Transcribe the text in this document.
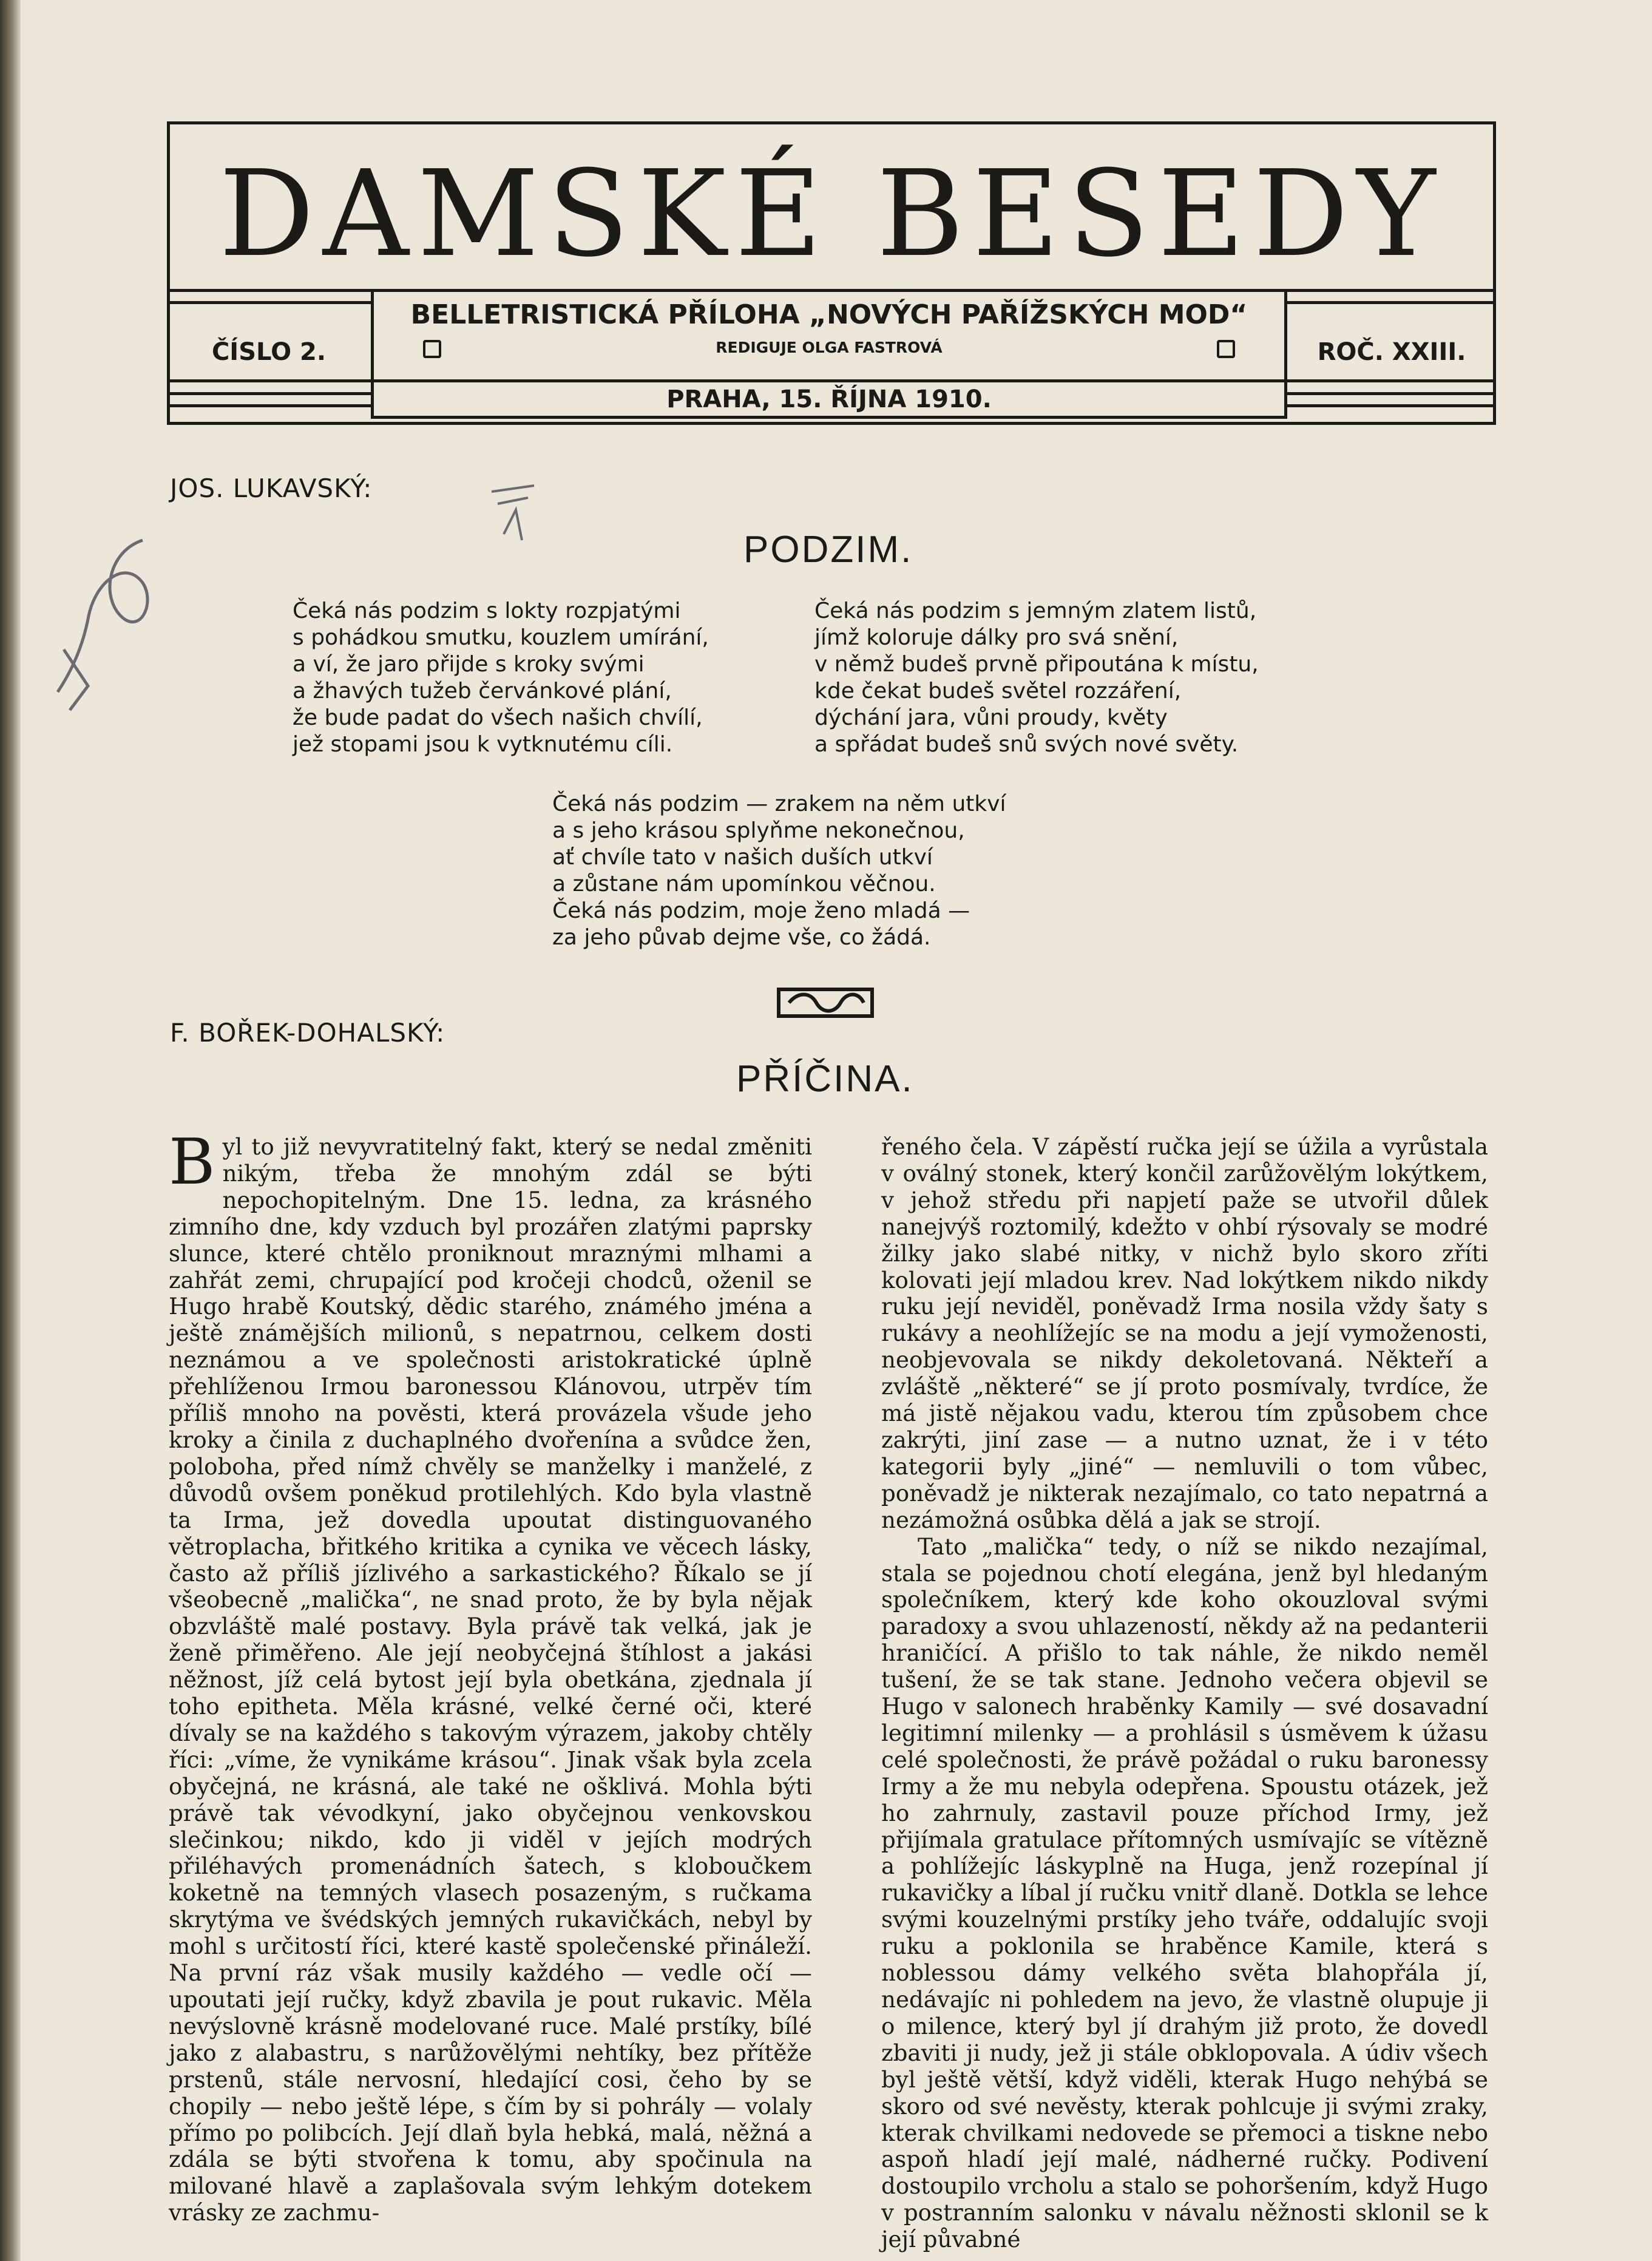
DAMSKÉ BESEDY
BELLETRISTICKÁ PŘÍLOHA „NOVÝCH PAŘÍŽSKÝCH MOD“
REDIGUJE OLGA FASTROVÁ
PRAHA, 15. ŘÍJNA 1910.
ČÍSLO 2.	ROČ. XXIII.
JOS. LUKAVSKÝ:
PODZIM.
Čeká nás podzim s lokty rozpjatými
s pohádkou smutku, kouzlem umírání,
a ví, že jaro přijde s kroky svými
a žhavých tužeb červánkové plání,
že bude padat do všech našich chvílí,
jež stopami jsou k vytknutému cíli.
Čeká nás podzim s jemným zlatem listů,
jímž koloruje dálky pro svá snění,
v němž budeš prvně připoutána k místu,
kde čekat budeš světel rozzáření,
dýchání jara, vůni proudy, květy
a spřádat budeš snů svých nové světy.
Čeká nás podzim — zrakem na něm utkví
a s jeho krásou splyňme nekonečnou,
ať chvíle tato v našich duších utkví
a zůstane nám upomínkou věčnou.
Čeká nás podzim, moje ženo mladá —
za jeho půvab dejme vše, co žádá.
F. BOŘEK-DOHALSKÝ:
PŘÍČINA.

Byl to již nevyvratitelný fakt, který se nedal změniti nikým, třeba že mnohým zdál se býti nepochopitelným. Dne 15. ledna, za krásného zimního dne, kdy vzduch byl prozářen zlatými paprsky slunce, které chtělo proniknout mraznými mlhami a zahřát zemi, chrupající pod kročeji chodců, oženil se Hugo hrabě Koutský, dědic starého, známého jména a ještě známějších milionů, s nepatrnou, celkem dosti neznámou a ve společnosti aristokratické úplně přehlíženou Irmou baronessou Klánovou, utrpěv tím příliš mnoho na pověsti, která provázela všude jeho kroky a činila z duchaplného dvořenína a svůdce žen, poloboha, před nímž chvěly se manželky i manželé, z důvodů ovšem poněkud protilehlých. Kdo byla vlastně ta Irma, jež dovedla upoutat distinguovaného větroplacha, břitkého kritika a cynika ve věcech lásky, často až příliš jízlivého a sarkastického? Říkalo se jí všeobecně „malička“, ne snad proto, že by byla nějak obzvláště malé postavy. Byla právě tak velká, jak je ženě přiměřeno. Ale její neobyčejná štíhlost a jakási něžnost, jíž celá bytost její byla obetkána, zjednala jí toho epitheta. Měla krásné, velké černé oči, které dívaly se na každého s takovým výrazem, jakoby chtěly říci: „víme, že vynikáme krásou“. Jinak však byla zcela obyčejná, ne krásná, ale také ne ošklivá. Mohla býti právě tak vévodkyní, jako obyčejnou venkovskou slečinkou; nikdo, kdo ji viděl v jejích modrých přiléhavých promenádních šatech, s kloboučkem koketně na temných vlasech posazeným, s ručkama skrytýma ve švédských jemných rukavičkách, nebyl by mohl s určitostí říci, které kastě společenské přináleží. Na první ráz však musily každého — vedle očí — upoutati její ručky, když zbavila je pout rukavic. Měla nevýslovně krásně modelované ruce. Malé prstíky, bílé jako z alabastru, s narůžovělými nehtíky, bez přítěže prstenů, stále nervosní, hledající cosi, čeho by se chopily — nebo ještě lépe, s čím by si pohrály — volaly přímo po polibcích. Její dlaň byla hebká, malá, něžná a zdála se býti stvořena k tomu, aby spočinula na milované hlavě a zaplašovala svým lehkým dotekem vrásky ze zachmu-

řeného čela. V zápěstí ručka její se úžila a vyrůstala v oválný stonek, který končil zarůžovělým lokýtkem, v jehož středu při napjetí paže se utvořil důlek nanejvýš roztomilý, kdežto v ohbí rýsovaly se modré žilky jako slabé nitky, v nichž bylo skoro zříti kolovati její mladou krev. Nad lokýtkem nikdo nikdy ruku její neviděl, poněvadž Irma nosila vždy šaty s rukávy a neohlížejíc se na modu a její vymoženosti, neobjevovala se nikdy dekoletovaná. Někteří a zvláště „některé“ se jí proto posmívaly, tvrdíce, že má jistě nějakou vadu, kterou tím způsobem chce zakrýti, jiní zase — a nutno uznat, že i v této kategorii byly „jiné“ — nemluvili o tom vůbec, poněvadž je nikterak nezajímalo, co tato nepatrná a nezámožná osůbka dělá a jak se strojí.

Tato „malička“ tedy, o níž se nikdo nezajímal, stala se pojednou chotí elegána, jenž byl hledaným společníkem, který kde koho okouzloval svými paradoxy a svou uhlazeností, někdy až na pedanterii hraničící. A přišlo to tak náhle, že nikdo neměl tušení, že se tak stane. Jednoho večera objevil se Hugo v salonech hraběnky Kamily — své dosavadní legitimní milenky — a prohlásil s úsměvem k úžasu celé společnosti, že právě požádal o ruku baronessy Irmy a že mu nebyla odepřena. Spoustu otázek, jež ho zahrnuly, zastavil pouze příchod Irmy, jež přijímala gratulace přítomných usmívajíc se vítězně a pohlížejíc láskyplně na Huga, jenž rozepínal jí rukavičky a líbal jí ručku vnitř dlaně. Dotkla se lehce svými kouzelnými prstíky jeho tváře, oddalujíc svoji ruku a poklonila se hraběnce Kamile, která s noblessou dámy velkého světa blahopřála jí, nedávajíc ni pohledem na jevo, že vlastně olupuje ji o milence, který byl jí drahým již proto, že dovedl zbaviti ji nudy, jež ji stále obklopovala. A údiv všech byl ještě větší, když viděli, kterak Hugo nehýbá se skoro od své nevěsty, kterak pohlcuje ji svými zraky, kterak chvilkami nedovede se přemoci a tiskne nebo aspoň hladí její malé, nádherné ručky. Podivení dostoupilo vrcholu a stalo se pohoršením, když Hugo v postranním salonku v návalu něžnosti sklonil se k její půvabné
